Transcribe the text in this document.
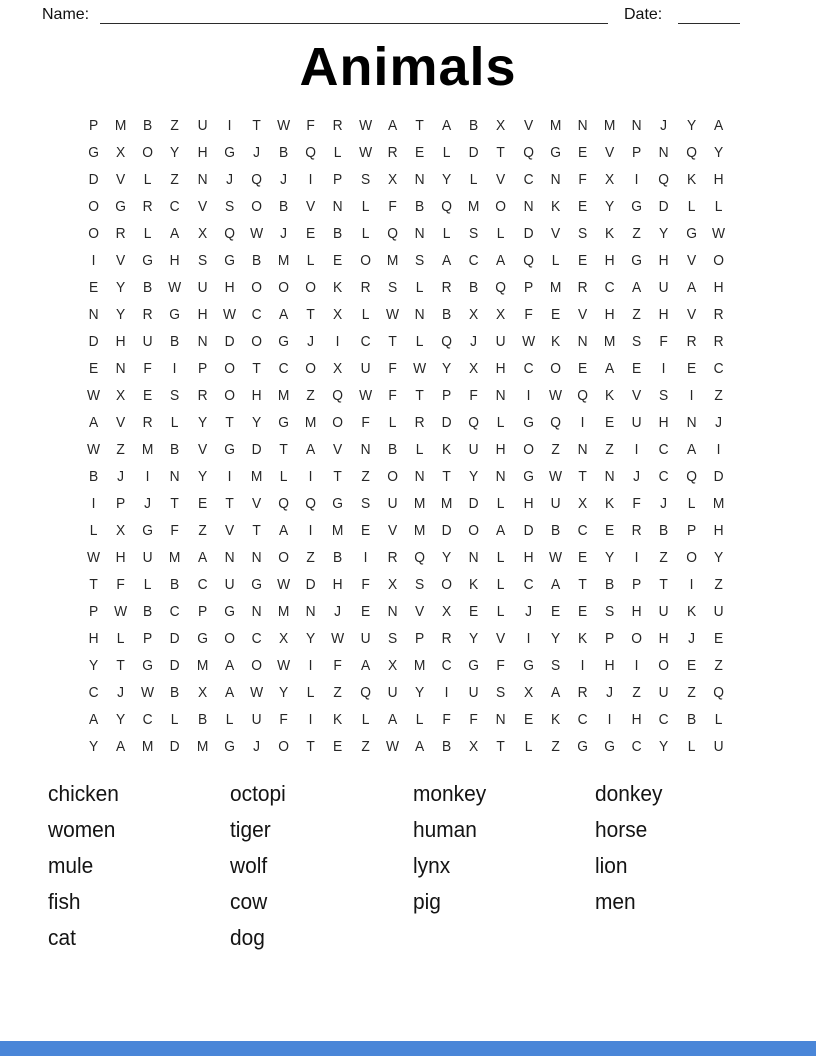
Name:	Date:
Animals
P	M	B	Z	U	I	T	W	F	R	W	A	T	A	B	X	V	M	N	M	N	J	Y	A
G	X	O	Y	H	G	J	B	Q	L	W	R	E	L	D	T	Q	G	E	V	P	N	Q	Y
D	V	L	Z	N	J	Q	J	I	P	S	X	N	Y	L	V	C	N	F	X	I	Q	K	H
O	G	R	C	V	S	O	B	V	N	L	F	B	Q	M	O	N	K	E	Y	G	D	L	L
O	R	L	A	X	Q	W	J	E	B	L	Q	N	L	S	L	D	V	S	K	Z	Y	G	W
I	V	G	H	S	G	B	M	L	E	O	M	S	A	C	A	Q	L	E	H	G	H	V	O
E	Y	B	W	U	H	O	O	O	K	R	S	L	R	B	Q	P	M	R	C	A	U	A	H
N	Y	R	G	H	W	C	A	T	X	L	W	N	B	X	X	F	E	V	H	Z	H	V	R
D	H	U	B	N	D	O	G	J	I	C	T	L	Q	J	U	W	K	N	M	S	F	R	R
E	N	F	I	P	O	T	C	O	X	U	F	W	Y	X	H	C	O	E	A	E	I	E	C
W	X	E	S	R	O	H	M	Z	Q	W	F	T	P	F	N	I	W	Q	K	V	S	I	Z
A	V	R	L	Y	T	Y	G	M	O	F	L	R	D	Q	L	G	Q	I	E	U	H	N	J
W	Z	M	B	V	G	D	T	A	V	N	B	L	K	U	H	O	Z	N	Z	I	C	A	I
B	J	I	N	Y	I	M	L	I	T	Z	O	N	T	Y	N	G	W	T	N	J	C	Q	D
I	P	J	T	E	T	V	Q	Q	G	S	U	M	M	D	L	H	U	X	K	F	J	L	M
L	X	G	F	Z	V	T	A	I	M	E	V	M	D	O	A	D	B	C	E	R	B	P	H
W	H	U	M	A	N	N	O	Z	B	I	R	Q	Y	N	L	H	W	E	Y	I	Z	O	Y
T	F	L	B	C	U	G	W	D	H	F	X	S	O	K	L	C	A	T	B	P	T	I	Z
P	W	B	C	P	G	N	M	N	J	E	N	V	X	E	L	J	E	E	S	H	U	K	U
H	L	P	D	G	O	C	X	Y	W	U	S	P	R	Y	V	I	Y	K	P	O	H	J	E
Y	T	G	D	M	A	O	W	I	F	A	X	M	C	G	F	G	S	I	H	I	O	E	Z
C	J	W	B	X	A	W	Y	L	Z	Q	U	Y	I	U	S	X	A	R	J	Z	U	Z	Q
A	Y	C	L	B	L	U	F	I	K	L	A	L	F	F	N	E	K	C	I	H	C	B	L
Y	A	M	D	M	G	J	O	T	E	Z	W	A	B	X	T	L	Z	G	G	C	Y	L	U
chicken
women
mule
fish
cat
octopi
tiger
wolf
cow
dog
monkey
human
lynx
pig
donkey
horse
lion
men
